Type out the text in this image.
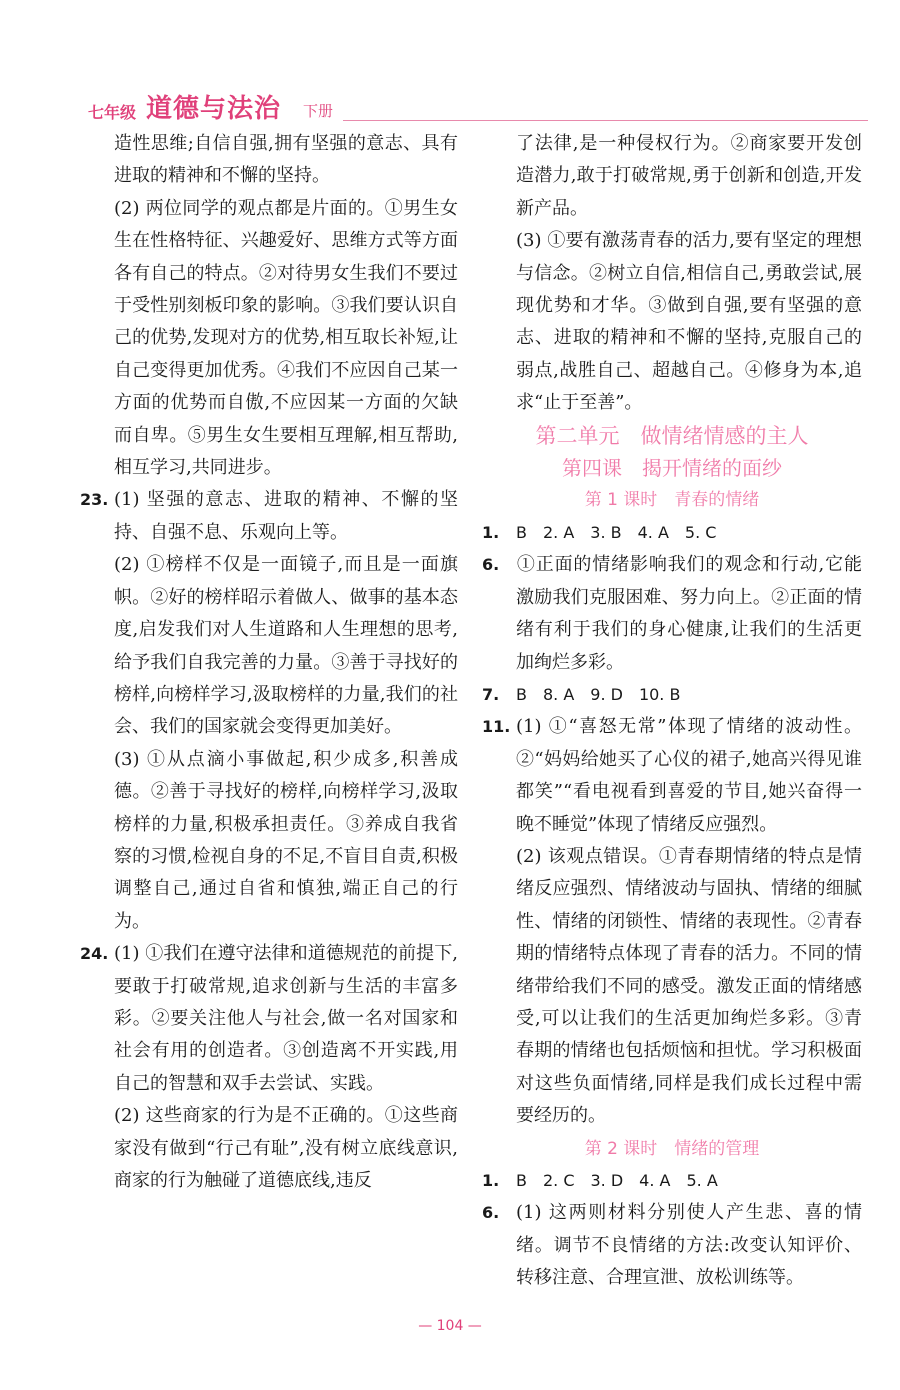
七年级 道德与法治 下册

造性思维;自信自强,拥有坚强的意志、具有进取的精神和不懈的坚持。

(2) 两位同学的观点都是片面的。①男生女生在性格特征、兴趣爱好、思维方式等方面各有自己的特点。②对待男女生我们不要过于受性别刻板印象的影响。③我们要认识自己的优势,发现对方的优势,相互取长补短,让自己变得更加优秀。④我们不应因自己某一方面的优势而自傲,不应因某一方面的欠缺而自卑。⑤男生女生要相互理解,相互帮助,相互学习,共同进步。

23. (1) 坚强的意志、进取的精神、不懈的坚持、自强不息、乐观向上等。

(2) ①榜样不仅是一面镜子,而且是一面旗帜。②好的榜样昭示着做人、做事的基本态度,启发我们对人生道路和人生理想的思考,给予我们自我完善的力量。③善于寻找好的榜样,向榜样学习,汲取榜样的力量,我们的社会、我们的国家就会变得更加美好。

(3) ①从点滴小事做起,积少成多,积善成德。②善于寻找好的榜样,向榜样学习,汲取榜样的力量,积极承担责任。③养成自我省察的习惯,检视自身的不足,不盲目自责,积极调整自己,通过自省和慎独,端正自己的行为。

24. (1) ①我们在遵守法律和道德规范的前提下,要敢于打破常规,追求创新与生活的丰富多彩。②要关注他人与社会,做一名对国家和社会有用的创造者。③创造离不开实践,用自己的智慧和双手去尝试、实践。

(2) 这些商家的行为是不正确的。①这些商家没有做到“行己有耻”,没有树立底线意识,商家的行为触碰了道德底线,违反

了法律,是一种侵权行为。②商家要开发创造潜力,敢于打破常规,勇于创新和创造,开发新产品。

(3) ①要有激荡青春的活力,要有坚定的理想与信念。②树立自信,相信自己,勇敢尝试,展现优势和才华。③做到自强,要有坚强的意志、进取的精神和不懈的坚持,克服自己的弱点,战胜自己、超越自己。④修身为本,追求“止于至善”。

第二单元　做情绪情感的主人

第四课　揭开情绪的面纱

第 1 课时　青春的情绪

1. B　2. A　3. B　4. A　5. C

6. ①正面的情绪影响我们的观念和行动,它能激励我们克服困难、努力向上。②正面的情绪有利于我们的身心健康,让我们的生活更加绚烂多彩。

7. B　8. A　9. D　10. B

11. (1) ①“喜怒无常”体现了情绪的波动性。②“妈妈给她买了心仪的裙子,她高兴得见谁都笑”“看电视看到喜爱的节目,她兴奋得一晚不睡觉”体现了情绪反应强烈。

(2) 该观点错误。①青春期情绪的特点是情绪反应强烈、情绪波动与固执、情绪的细腻性、情绪的闭锁性、情绪的表现性。②青春期的情绪特点体现了青春的活力。不同的情绪带给我们不同的感受。激发正面的情绪感受,可以让我们的生活更加绚烂多彩。③青春期的情绪也包括烦恼和担忧。学习积极面对这些负面情绪,同样是我们成长过程中需要经历的。

第 2 课时　情绪的管理

1. B　2. C　3. D　4. A　5. A

6. (1) 这两则材料分别使人产生悲、喜的情绪。调节不良情绪的方法:改变认知评价、转移注意、合理宣泄、放松训练等。

— 104 —
